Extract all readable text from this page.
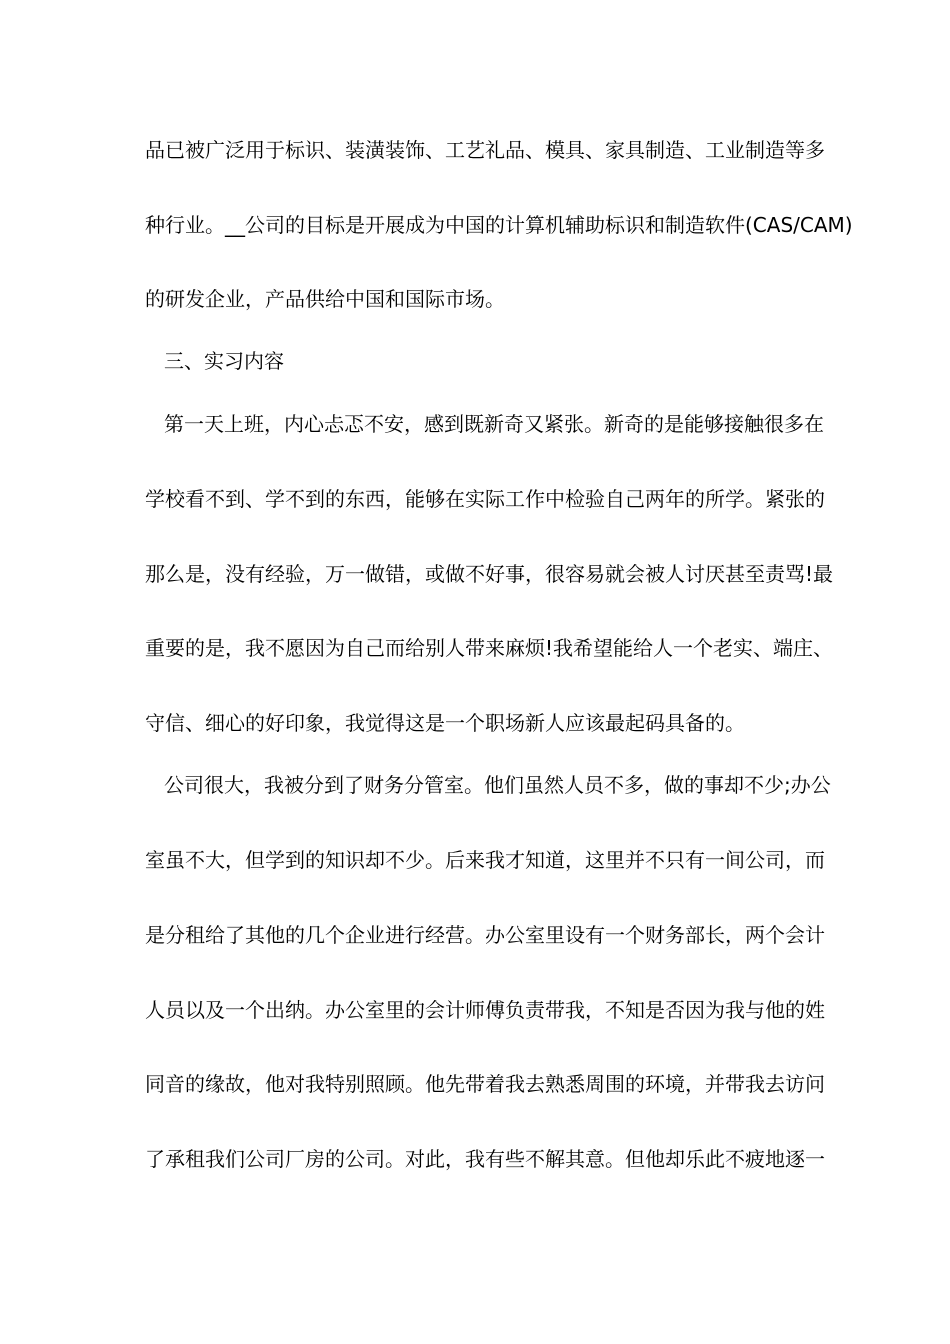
品已被广泛用于标识、装潢装饰、工艺礼品、模具、家具制造、工业制造等多
种行业。__公司的目标是开展成为中国的计算机辅助标识和制造软件(CAS/CAM)
的研发企业，产品供给中国和国际市场。
三、实习内容
第一天上班，内心忐忑不安，感到既新奇又紧张。新奇的是能够接触很多在
学校看不到、学不到的东西，能够在实际工作中检验自己两年的所学。紧张的
那么是，没有经验，万一做错，或做不好事，很容易就会被人讨厌甚至责骂!最
重要的是，我不愿因为自己而给别人带来麻烦!我希望能给人一个老实、端庄、
守信、细心的好印象，我觉得这是一个职场新人应该最起码具备的。
公司很大，我被分到了财务分管室。他们虽然人员不多，做的事却不少;办公
室虽不大，但学到的知识却不少。后来我才知道，这里并不只有一间公司，而
是分租给了其他的几个企业进行经营。办公室里设有一个财务部长，两个会计
人员以及一个出纳。办公室里的会计师傅负责带我，不知是否因为我与他的姓
同音的缘故，他对我特别照顾。他先带着我去熟悉周围的环境，并带我去访问
了承租我们公司厂房的公司。对此，我有些不解其意。但他却乐此不疲地逐一
